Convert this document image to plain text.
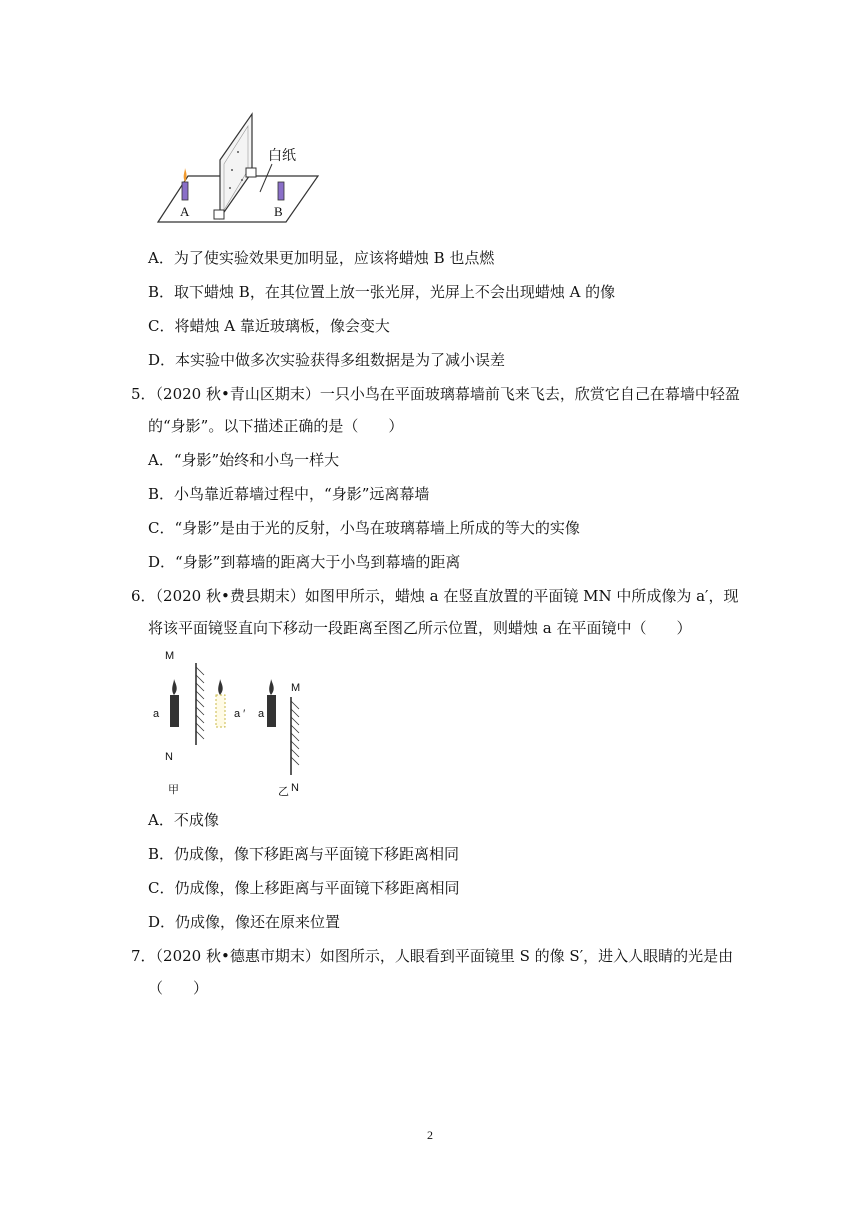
白纸
A	B
A．为了使实验效果更加明显，应该将蜡烛 B 也点燃
B．取下蜡烛 B，在其位置上放一张光屏，光屏上不会出现蜡烛 A 的像
C．将蜡烛 A 靠近玻璃板，像会变大
D．本实验中做多次实验获得多组数据是为了减小误差
5．（2020 秋•青山区期末）一只小鸟在平面玻璃幕墙前飞来飞去，欣赏它自己在幕墙中轻盈
的“身影”。以下描述正确的是（　　）
A．“身影”始终和小鸟一样大
B．小鸟靠近幕墙过程中，“身影”远离幕墙
C．“身影”是由于光的反射，小鸟在玻璃幕墙上所成的等大的实像
D．“身影”到幕墙的距离大于小鸟到幕墙的距离
6．（2020 秋•费县期末）如图甲所示，蜡烛 a 在竖直放置的平面镜 MN 中所成像为 a′，现
将该平面镜竖直向下移动一段距离至图乙所示位置，则蜡烛 a 在平面镜中（　　）
M
a	a ′
N
甲
a
M
N
乙
A．不成像
B．仍成像，像下移距离与平面镜下移距离相同
C．仍成像，像上移距离与平面镜下移距离相同
D．仍成像，像还在原来位置
7．（2020 秋•德惠市期末）如图所示，人眼看到平面镜里 S 的像 S′，进入人眼睛的光是由
（　　）
2
